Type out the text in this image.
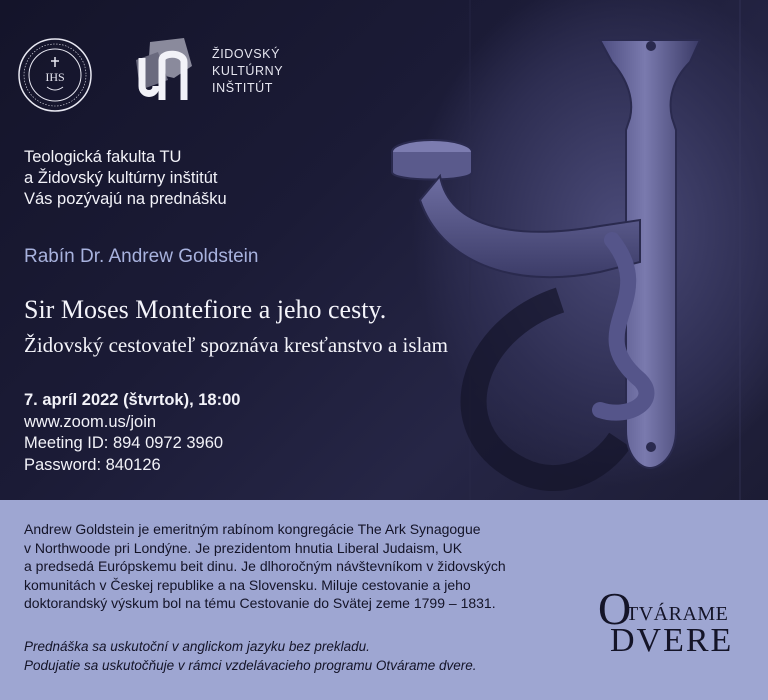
IHS
ŽIDOVSKÝ
KULTÚRNY
INŠTITÚT
Teologická fakulta TU
a Židovský kultúrny inštitút
Vás pozývajú na prednášku
Rabín Dr. Andrew Goldstein
Sir Moses Montefiore a jeho cesty.
Židovský cestovateľ spoznáva kresťanstvo a islam
7. apríl 2022 (štvrtok), 18:00
www.zoom.us/join
Meeting ID: 894 0972 3960
Password: 840126
Andrew Goldstein je emeritným rabínom kongregácie The Ark Synagogue
v Northwoode pri Londýne. Je prezidentom hnutia Liberal Judaism, UK
a predsedá Európskemu beit dinu. Je dlhoročným návštevníkom v židovských
komunitách v Českej republike a na Slovensku. Miluje cestovanie a jeho
doktorandský výskum bol na tému Cestovanie do Svätej zeme 1799 – 1831.
Prednáška sa uskutoční v anglickom jazyku bez prekladu.
Podujatie sa uskutočňuje v rámci vzdelávacieho programu Otvárame dvere.
O
TVÁRAME
DVERE
